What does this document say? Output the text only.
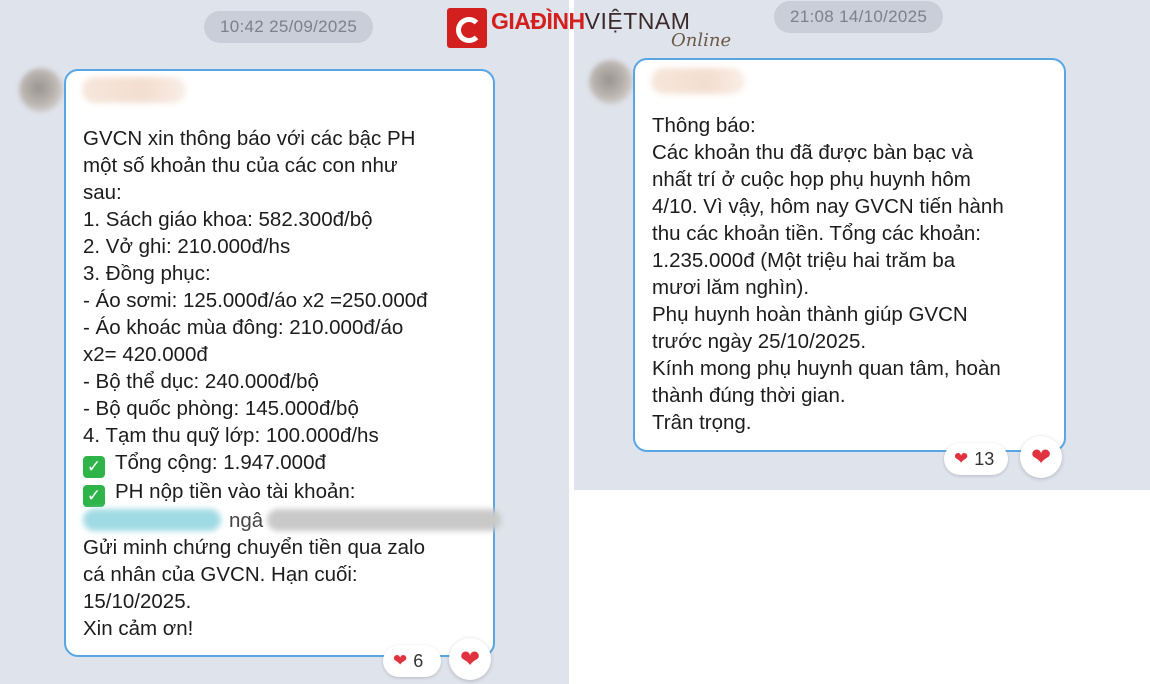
10:42 25/09/2025
GVCN xin thông báo với các bậc PH
một số khoản thu của các con như
sau:
1. Sách giáo khoa: 582.300đ/bộ
2. Vở ghi: 210.000đ/hs
3. Đồng phục:
- Áo sơmi: 125.000đ/áo x2 =250.000đ
- Áo khoác mùa đông: 210.000đ/áo
x2= 420.000đ
- Bộ thể dục: 240.000đ/bộ
- Bộ quốc phòng: 145.000đ/bộ
4. Tạm thu quỹ lớp: 100.000đ/hs
✓ Tổng cộng: 1.947.000đ
✓ PH nộp tiền vào tài khoản:
ngâ
Gửi minh chứng chuyển tiền qua zalo
cá nhân của GVCN. Hạn cuối:
15/10/2025.
Xin cảm ơn!
❤ 6 ❤
21:08 14/10/2025
Thông báo:
Các khoản thu đã được bàn bạc và
nhất trí ở cuộc họp phụ huynh hôm
4/10. Vì vậy, hôm nay GVCN tiến hành
thu các khoản tiền. Tổng các khoản:
1.235.000đ (Một triệu hai trăm ba
mươi lăm nghìn).
Phụ huynh hoàn thành giúp GVCN
trước ngày 25/10/2025.
Kính mong phụ huynh quan tâm, hoàn
thành đúng thời gian.
Trân trọng.
❤ 13 ❤
GIAĐÌNHVIỆTNAM
Online
